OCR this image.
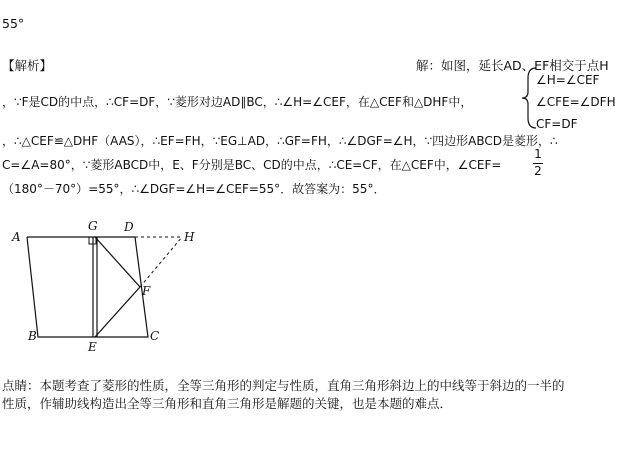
55°
【解析】	解：如图，延长AD、EF相交于点H
，∵F是CD的中点，∴CF=DF，∵菱形对边AD∥BC，∴∠H=∠CEF，在△CEF和△DHF中，
∠H=∠CEF
∠CFE=∠DFH
CF=DF
，∴△CEF≌△DHF（AAS），∴EF=FH，∵EG⊥AD，∴GF=FH，∴∠DGF=∠H，∵四边形ABCD是菱形，∴
C=∠A=80°，∵菱形ABCD中，E、F分别是BC、CD的中点，∴CE=CF，在△CEF中，∠CEF=
1
2
（180°－70°）=55°，∴∠DGF=∠H=∠CEF=55°．故答案为：55°．
A
G D
H
F
B
E
C
点睛：本题考查了菱形的性质，全等三角形的判定与性质，直角三角形斜边上的中线等于斜边的一半的
性质，作辅助线构造出全等三角形和直角三角形是解题的关键，也是本题的难点．
